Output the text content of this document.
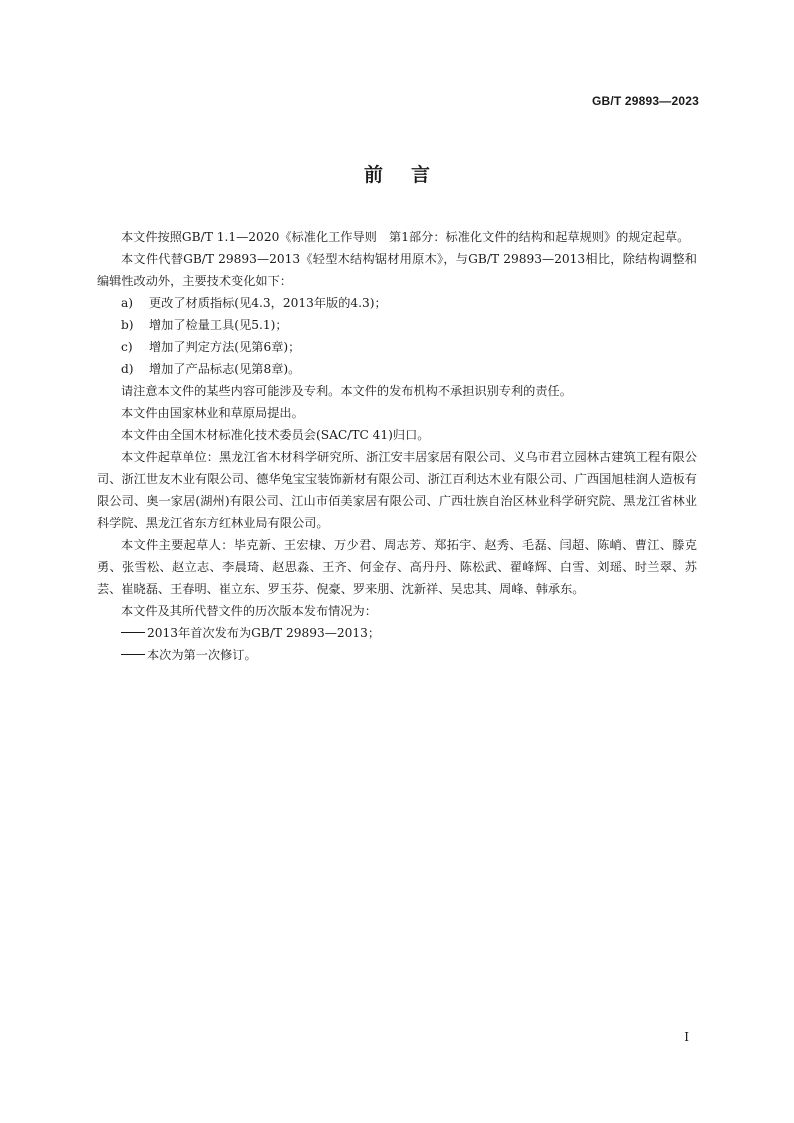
GB/T 29893—2023
前言

本文件按照GB/T 1.1—2020《标准化工作导则　第1部分：标准化文件的结构和起草规则》的规定起草。

本文件代替GB/T 29893—2013《轻型木结构锯材用原木》，与GB/T 29893—2013相比，除结构调整和编辑性改动外，主要技术变化如下：

a) 更改了材质指标(见4.3，2013年版的4.3)；

b) 增加了检量工具(见5.1)；

c) 增加了判定方法(见第6章)；

d) 增加了产品标志(见第8章)。

请注意本文件的某些内容可能涉及专利。本文件的发布机构不承担识别专利的责任。

本文件由国家林业和草原局提出。

本文件由全国木材标准化技术委员会(SAC/TC 41)归口。

本文件起草单位：黑龙江省木材科学研究所、浙江安丰居家居有限公司、义乌市君立园林古建筑工程有限公司、浙江世友木业有限公司、德华兔宝宝装饰新材有限公司、浙江百利达木业有限公司、广西国旭桂润人造板有限公司、奥一家居(湖州)有限公司、江山市佰美家居有限公司、广西壮族自治区林业科学研究院、黑龙江省林业科学院、黑龙江省东方红林业局有限公司。

本文件主要起草人：毕克新、王宏棣、万少君、周志芳、郑拓宇、赵秀、毛磊、闫超、陈峭、曹江、滕克勇、张雪松、赵立志、李晨琦、赵思淼、王齐、何金存、高丹丹、陈松武、翟峰辉、白雪、刘瑶、时兰翠、苏芸、崔晓磊、王春明、崔立东、罗玉芬、倪豪、罗来朋、沈新祥、吴忠其、周峰、韩承东。

本文件及其所代替文件的历次版本发布情况为：

2013年首次发布为GB/T 29893—2013；

本次为第一次修订。

I
